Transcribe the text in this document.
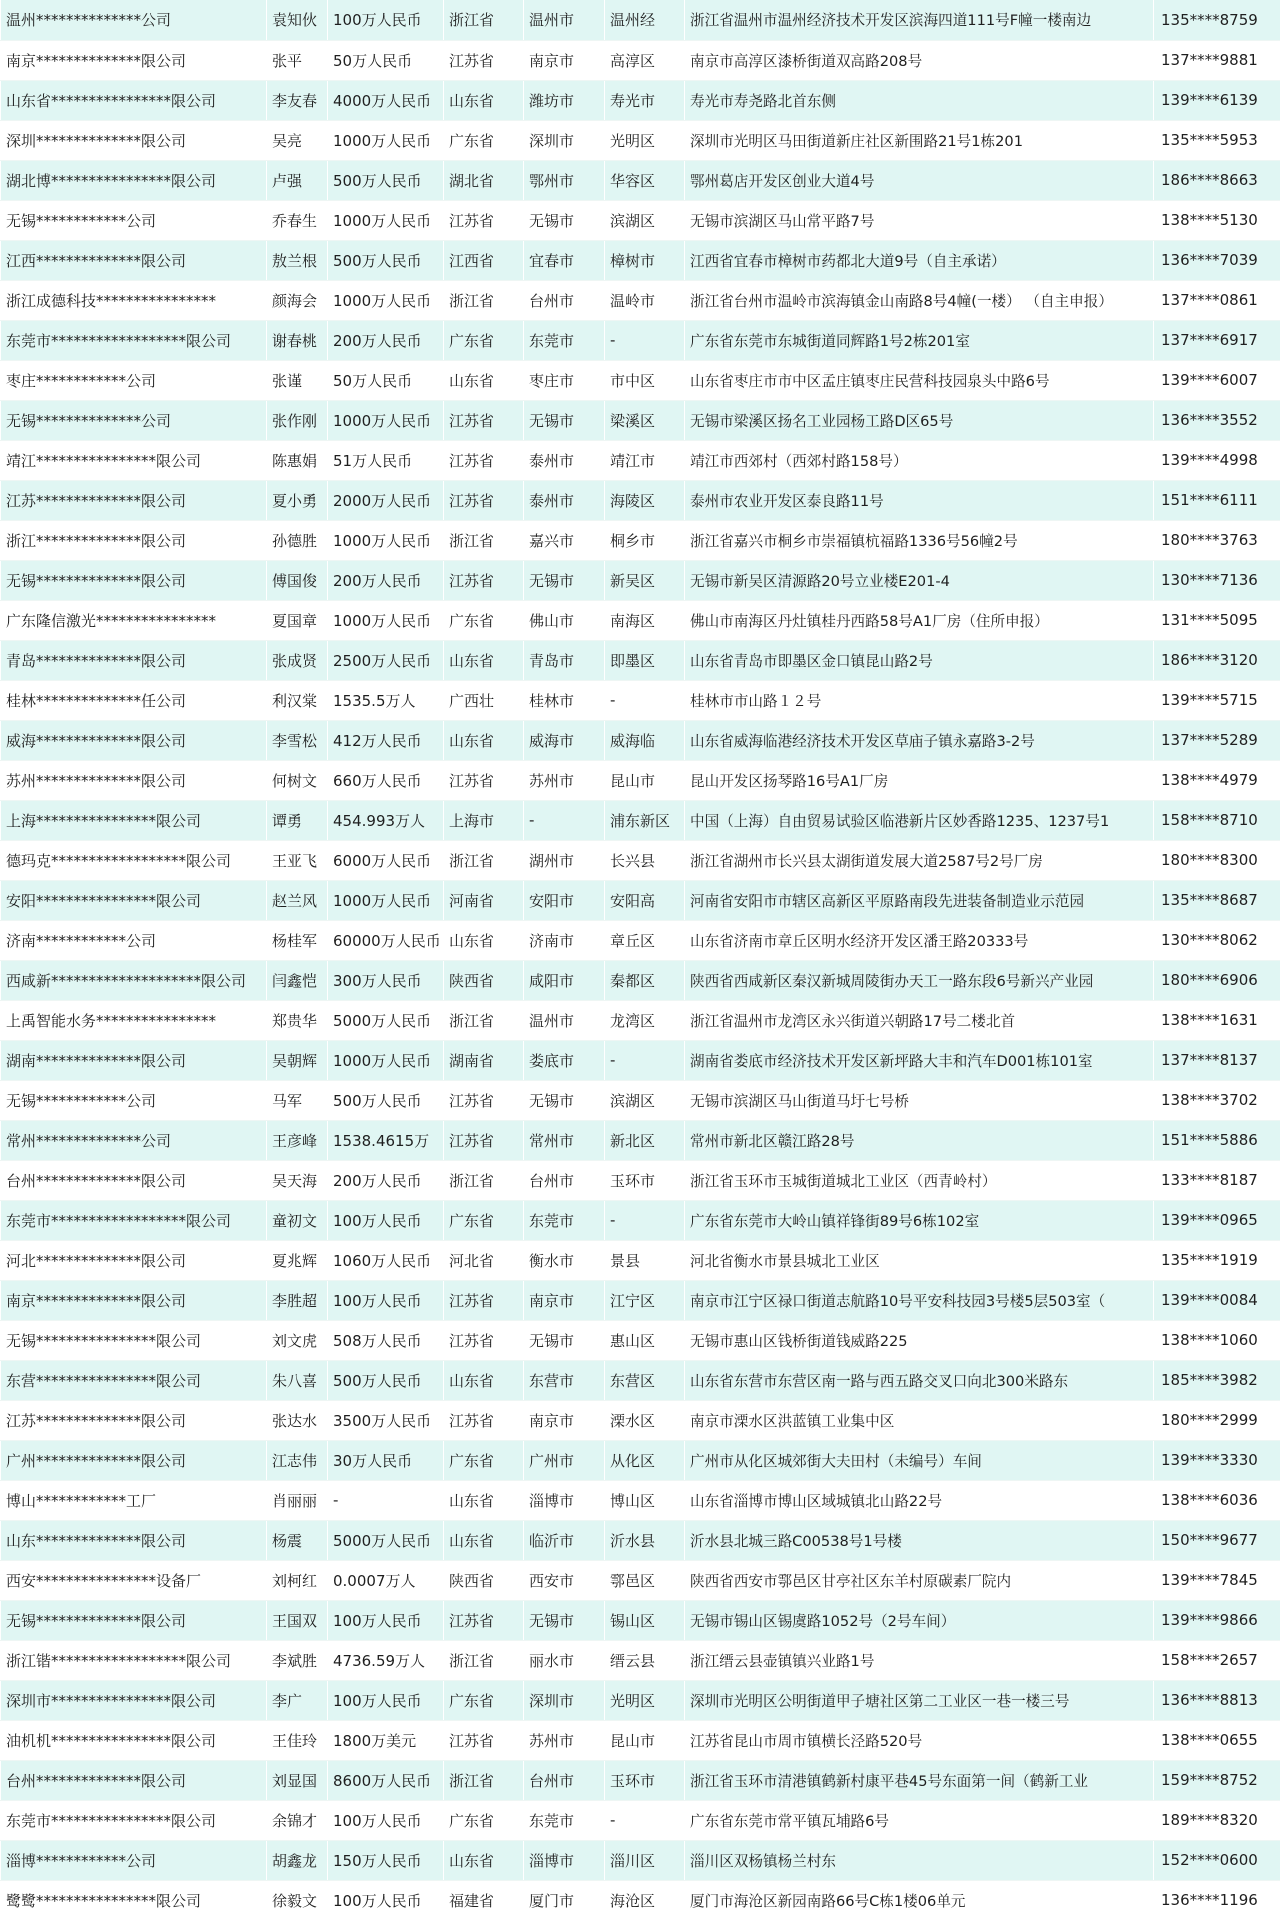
温州**************公司	袁知伙	100万人民币	浙江省	温州市	温州经	浙江省温州市温州经济技术开发区滨海四道111号F幢一楼南边	135****8759
南京**************限公司	张平	50万人民币	江苏省	南京市	高淳区	南京市高淳区漆桥街道双高路208号	137****9881
山东省****************限公司	李友春	4000万人民币	山东省	潍坊市	寿光市	寿光市寿尧路北首东侧	139****6139
深圳**************限公司	吴亮	1000万人民币	广东省	深圳市	光明区	深圳市光明区马田街道新庄社区新围路21号1栋201	135****5953
湖北博****************限公司	卢强	500万人民币	湖北省	鄂州市	华容区	鄂州葛店开发区创业大道4号	186****8663
无锡************公司	乔春生	1000万人民币	江苏省	无锡市	滨湖区	无锡市滨湖区马山常平路7号	138****5130
江西**************限公司	敖兰根	500万人民币	江西省	宜春市	樟树市	江西省宜春市樟树市药都北大道9号（自主承诺）	136****7039
浙江成德科技****************	颜海会	1000万人民币	浙江省	台州市	温岭市	浙江省台州市温岭市滨海镇金山南路8号4幢(一楼） （自主申报）	137****0861
东莞市******************限公司	谢春桃	200万人民币	广东省	东莞市	-	广东省东莞市东城街道同辉路1号2栋201室	137****6917
枣庄************公司	张谨	50万人民币	山东省	枣庄市	市中区	山东省枣庄市市中区孟庄镇枣庄民营科技园泉头中路6号	139****6007
无锡**************公司	张作刚	1000万人民币	江苏省	无锡市	梁溪区	无锡市梁溪区扬名工业园杨工路D区65号	136****3552
靖江****************限公司	陈惠娟	51万人民币	江苏省	泰州市	靖江市	靖江市西郊村（西郊村路158号）	139****4998
江苏**************限公司	夏小勇	2000万人民币	江苏省	泰州市	海陵区	泰州市农业开发区泰良路11号	151****6111
浙江**************限公司	孙德胜	1000万人民币	浙江省	嘉兴市	桐乡市	浙江省嘉兴市桐乡市崇福镇杭福路1336号56幢2号	180****3763
无锡**************限公司	傅国俊	200万人民币	江苏省	无锡市	新吴区	无锡市新吴区清源路20号立业楼E201-4	130****7136
广东隆信激光****************	夏国章	1000万人民币	广东省	佛山市	南海区	佛山市南海区丹灶镇桂丹西路58号A1厂房（住所申报）	131****5095
青岛**************限公司	张成贤	2500万人民币	山东省	青岛市	即墨区	山东省青岛市即墨区金口镇昆山路2号	186****3120
桂林**************任公司	利汉棠	1535.5万人	广西壮	桂林市	-	桂林市市山路１２号	139****5715
威海**************限公司	李雪松	412万人民币	山东省	威海市	威海临	山东省威海临港经济技术开发区草庙子镇永嘉路3-2号	137****5289
苏州**************限公司	何树文	660万人民币	江苏省	苏州市	昆山市	昆山开发区扬琴路16号A1厂房	138****4979
上海****************限公司	谭勇	454.993万人	上海市	-	浦东新区	中国（上海）自由贸易试验区临港新片区妙香路1235、1237号1	158****8710
德玛克******************限公司	王亚飞	6000万人民币	浙江省	湖州市	长兴县	浙江省湖州市长兴县太湖街道发展大道2587号2号厂房	180****8300
安阳****************限公司	赵兰风	1000万人民币	河南省	安阳市	安阳高	河南省安阳市市辖区高新区平原路南段先进装备制造业示范园	135****8687
济南************公司	杨桂军	60000万人民币	山东省	济南市	章丘区	山东省济南市章丘区明水经济开发区潘王路20333号	130****8062
西咸新********************限公司	闫鑫恺	300万人民币	陕西省	咸阳市	秦都区	陕西省西咸新区秦汉新城周陵街办天工一路东段6号新兴产业园	180****6906
上禹智能水务****************	郑贵华	5000万人民币	浙江省	温州市	龙湾区	浙江省温州市龙湾区永兴街道兴朝路17号二楼北首	138****1631
湖南**************限公司	吴朝辉	1000万人民币	湖南省	娄底市	-	湖南省娄底市经济技术开发区新坪路大丰和汽车D001栋101室	137****8137
无锡************公司	马军	500万人民币	江苏省	无锡市	滨湖区	无锡市滨湖区马山街道马圩七号桥	138****3702
常州**************公司	王彦峰	1538.4615万	江苏省	常州市	新北区	常州市新北区赣江路28号	151****5886
台州**************限公司	吴天海	200万人民币	浙江省	台州市	玉环市	浙江省玉环市玉城街道城北工业区（西青岭村）	133****8187
东莞市******************限公司	童初文	100万人民币	广东省	东莞市	-	广东省东莞市大岭山镇祥锋街89号6栋102室	139****0965
河北**************限公司	夏兆辉	1060万人民币	河北省	衡水市	景县	河北省衡水市景县城北工业区	135****1919
南京**************限公司	李胜超	100万人民币	江苏省	南京市	江宁区	南京市江宁区禄口街道志航路10号平安科技园3号楼5层503室（	139****0084
无锡****************限公司	刘文虎	508万人民币	江苏省	无锡市	惠山区	无锡市惠山区钱桥街道钱威路225	138****1060
东营****************限公司	朱八喜	500万人民币	山东省	东营市	东营区	山东省东营市东营区南一路与西五路交叉口向北300米路东	185****3982
江苏**************限公司	张达水	3500万人民币	江苏省	南京市	溧水区	南京市溧水区洪蓝镇工业集中区	180****2999
广州**************限公司	江志伟	30万人民币	广东省	广州市	从化区	广州市从化区城郊街大夫田村（未编号）车间	139****3330
博山************工厂	肖丽丽	-	山东省	淄博市	博山区	山东省淄博市博山区域城镇北山路22号	138****6036
山东**************限公司	杨震	5000万人民币	山东省	临沂市	沂水县	沂水县北城三路C00538号1号楼	150****9677
西安****************设备厂	刘柯红	0.0007万人	陕西省	西安市	鄠邑区	陕西省西安市鄠邑区甘亭社区东羊村原碳素厂院内	139****7845
无锡**************限公司	王国双	100万人民币	江苏省	无锡市	锡山区	无锡市锡山区锡虞路1052号（2号车间）	139****9866
浙江锴******************限公司	李斌胜	4736.59万人	浙江省	丽水市	缙云县	浙江缙云县壶镇镇兴业路1号	158****2657
深圳市****************限公司	李广	100万人民币	广东省	深圳市	光明区	深圳市光明区公明街道甲子塘社区第二工业区一巷一楼三号	136****8813
油机机****************限公司	王佳玲	1800万美元	江苏省	苏州市	昆山市	江苏省昆山市周市镇横长泾路520号	138****0655
台州**************限公司	刘显国	8600万人民币	浙江省	台州市	玉环市	浙江省玉环市清港镇鹤新村康平巷45号东面第一间（鹤新工业	159****8752
东莞市****************限公司	余锦才	100万人民币	广东省	东莞市	-	广东省东莞市常平镇瓦埔路6号	189****8320
淄博************公司	胡鑫龙	150万人民币	山东省	淄博市	淄川区	淄川区双杨镇杨兰村东	152****0600
鹭鹭****************限公司	徐毅文	100万人民币	福建省	厦门市	海沧区	厦门市海沧区新园南路66号C栋1楼06单元	136****1196
